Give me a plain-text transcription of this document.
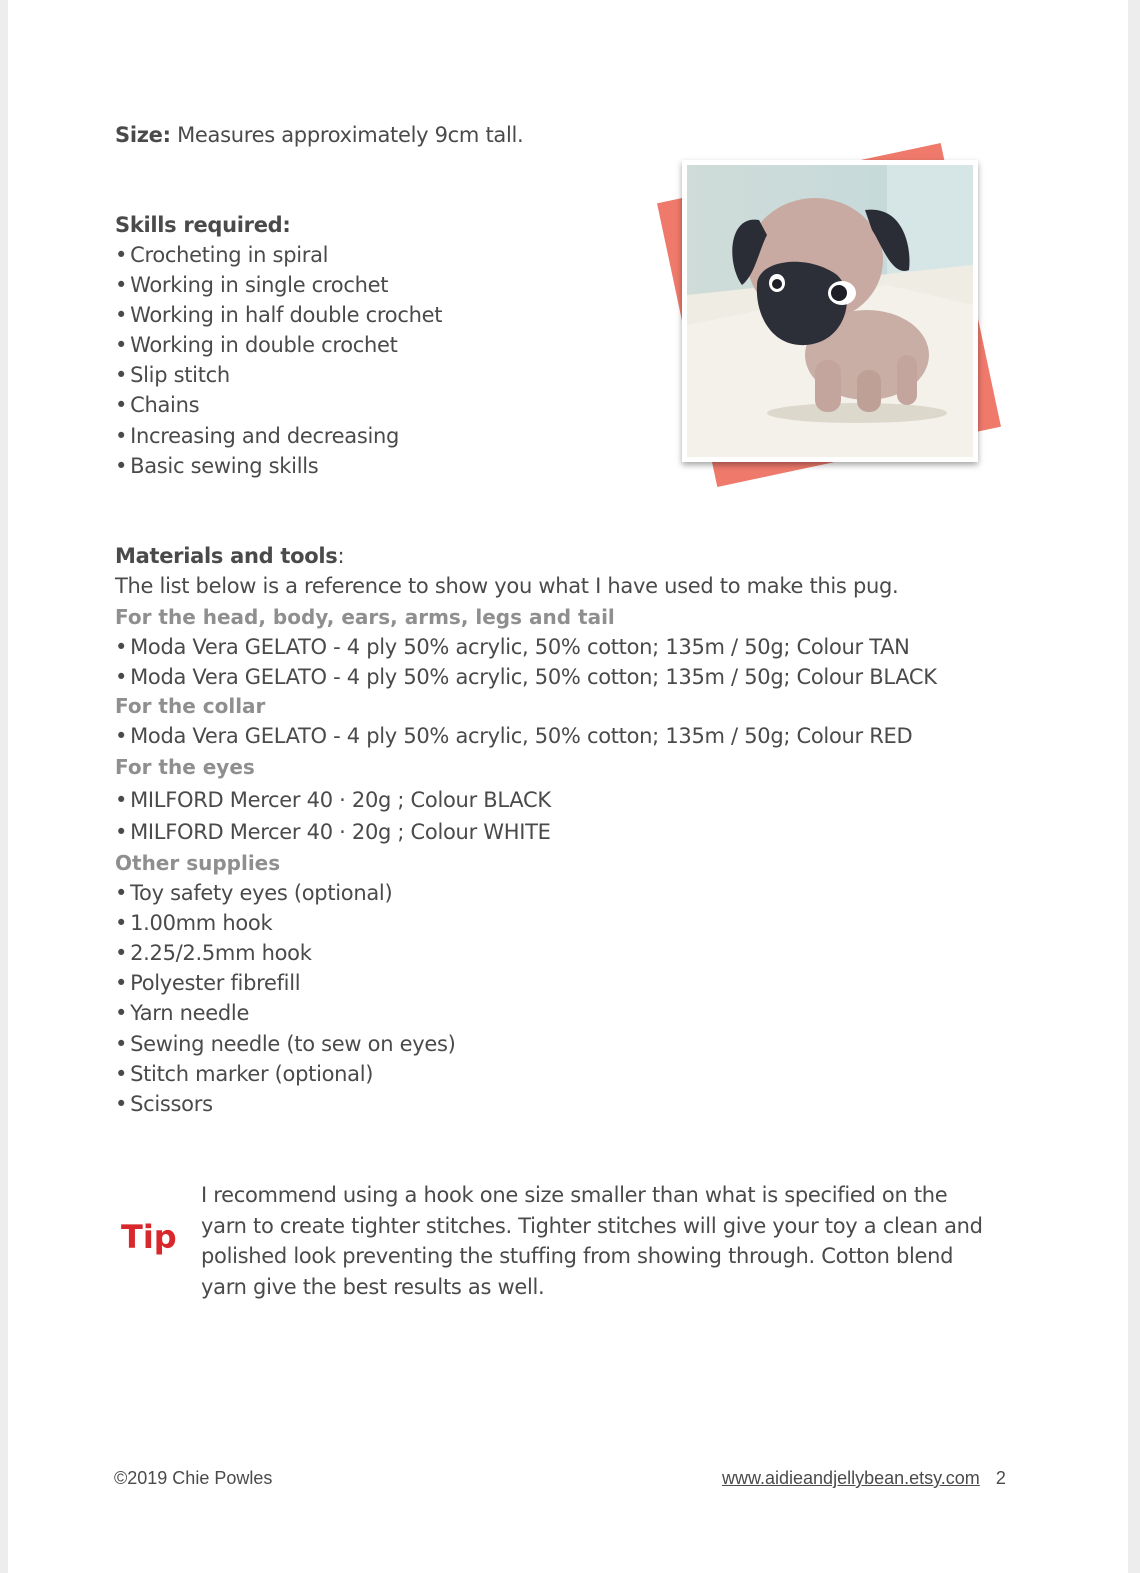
Size: Measures approximately 9cm tall.
Skills required:
• Crocheting in spiral
• Working in single crochet
• Working in half double crochet
• Working in double crochet
• Slip stitch
• Chains
• Increasing and decreasing
• Basic sewing skills
Materials and tools:
The list below is a reference to show you what I have used to make this pug.
For the head, body, ears, arms, legs and tail
• Moda Vera GELATO - 4 ply 50% acrylic, 50% cotton; 135m / 50g; Colour TAN
• Moda Vera GELATO - 4 ply 50% acrylic, 50% cotton; 135m / 50g; Colour BLACK
For the collar
• Moda Vera GELATO - 4 ply 50% acrylic, 50% cotton; 135m / 50g; Colour RED
For the eyes
• MILFORD Mercer 40 · 20g ; Colour BLACK
• MILFORD Mercer 40 · 20g ; Colour WHITE
Other supplies
• Toy safety eyes (optional)
• 1.00mm hook
• 2.25/2.5mm hook
• Polyester fibrefill
• Yarn needle
• Sewing needle (to sew on eyes)
• Stitch marker (optional)
• Scissors
Tip
I recommend using a hook one size smaller than what is specified on the yarn to create tighter stitches. Tighter stitches will give your toy a clean and polished look preventing the stuffing from showing through. Cotton blend yarn give the best results as well.
©2019 Chie Powles	www.aidieandjellybean.etsy.com 2
